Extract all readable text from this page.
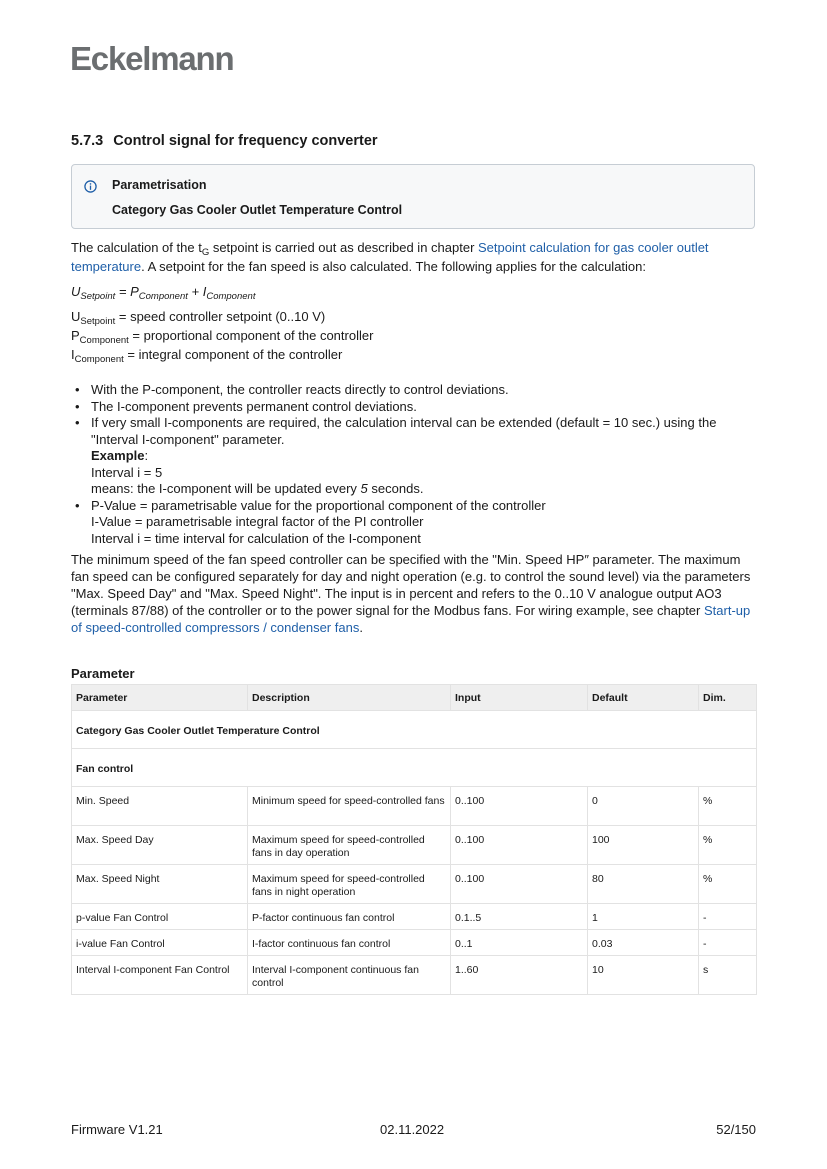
Eckelmann
5.7.3 Control signal for frequency converter
Parametrisation
Category Gas Cooler Outlet Temperature Control

The calculation of the $t_G$ setpoint is carried out as described in chapter Setpoint calculation for gas cooler outlet temperature. A setpoint for the fan speed is also calculated. The following applies for the calculation:

$U_{Setpoint} = P_{Component} + I_{Component}$

$U_{Setpoint}$ = speed controller setpoint (0..10 V)
$P_{Component}$ = proportional component of the controller
$I_{Component}$ = integral component of the controller

• With the P-component, the controller reacts directly to control deviations.
• The I-component prevents permanent control deviations.
• If very small I-components are required, the calculation interval can be extended (default = 10 sec.) using the "Interval I-component" parameter.
Example:
Interval i = 5
means: the I-component will be updated every 5 seconds.
• P-Value = parametrisable value for the proportional component of the controller
I-Value = parametrisable integral factor of the PI controller
Interval i = time interval for calculation of the I-component

The minimum speed of the fan speed controller can be specified with the "Min. Speed HP″ parameter. The maximum fan speed can be configured separately for day and night operation (e.g. to control the sound level) via the parameters "Max. Speed Day" and "Max. Speed Night". The input is in percent and refers to the 0..10 V analogue output AO3 (terminals 87/88) of the controller or to the power signal for the Modbus fans. For wiring example, see chapter Start-up of speed-controlled compressors / condenser fans.

Parameter
Parameter	Description	Input	Default	Dim.
Category Gas Cooler Outlet Temperature Control				
Fan control				
Min. Speed	Minimum speed for speed-controlled fans	0..100	0	%
Max. Speed Day	Maximum speed for speed-controlled fans in day operation	0..100	100	%
Max. Speed Night	Maximum speed for speed-controlled fans in night operation	0..100	80	%
p-value Fan Control	P-factor continuous fan control	0.1..5	1	-
i-value Fan Control	I-factor continuous fan control	0..1	0.03	-
Interval I-component Fan Control	Interval I-component continuous fan control	1..60	10	s
Firmware V1.21	02.11.2022	52/150
